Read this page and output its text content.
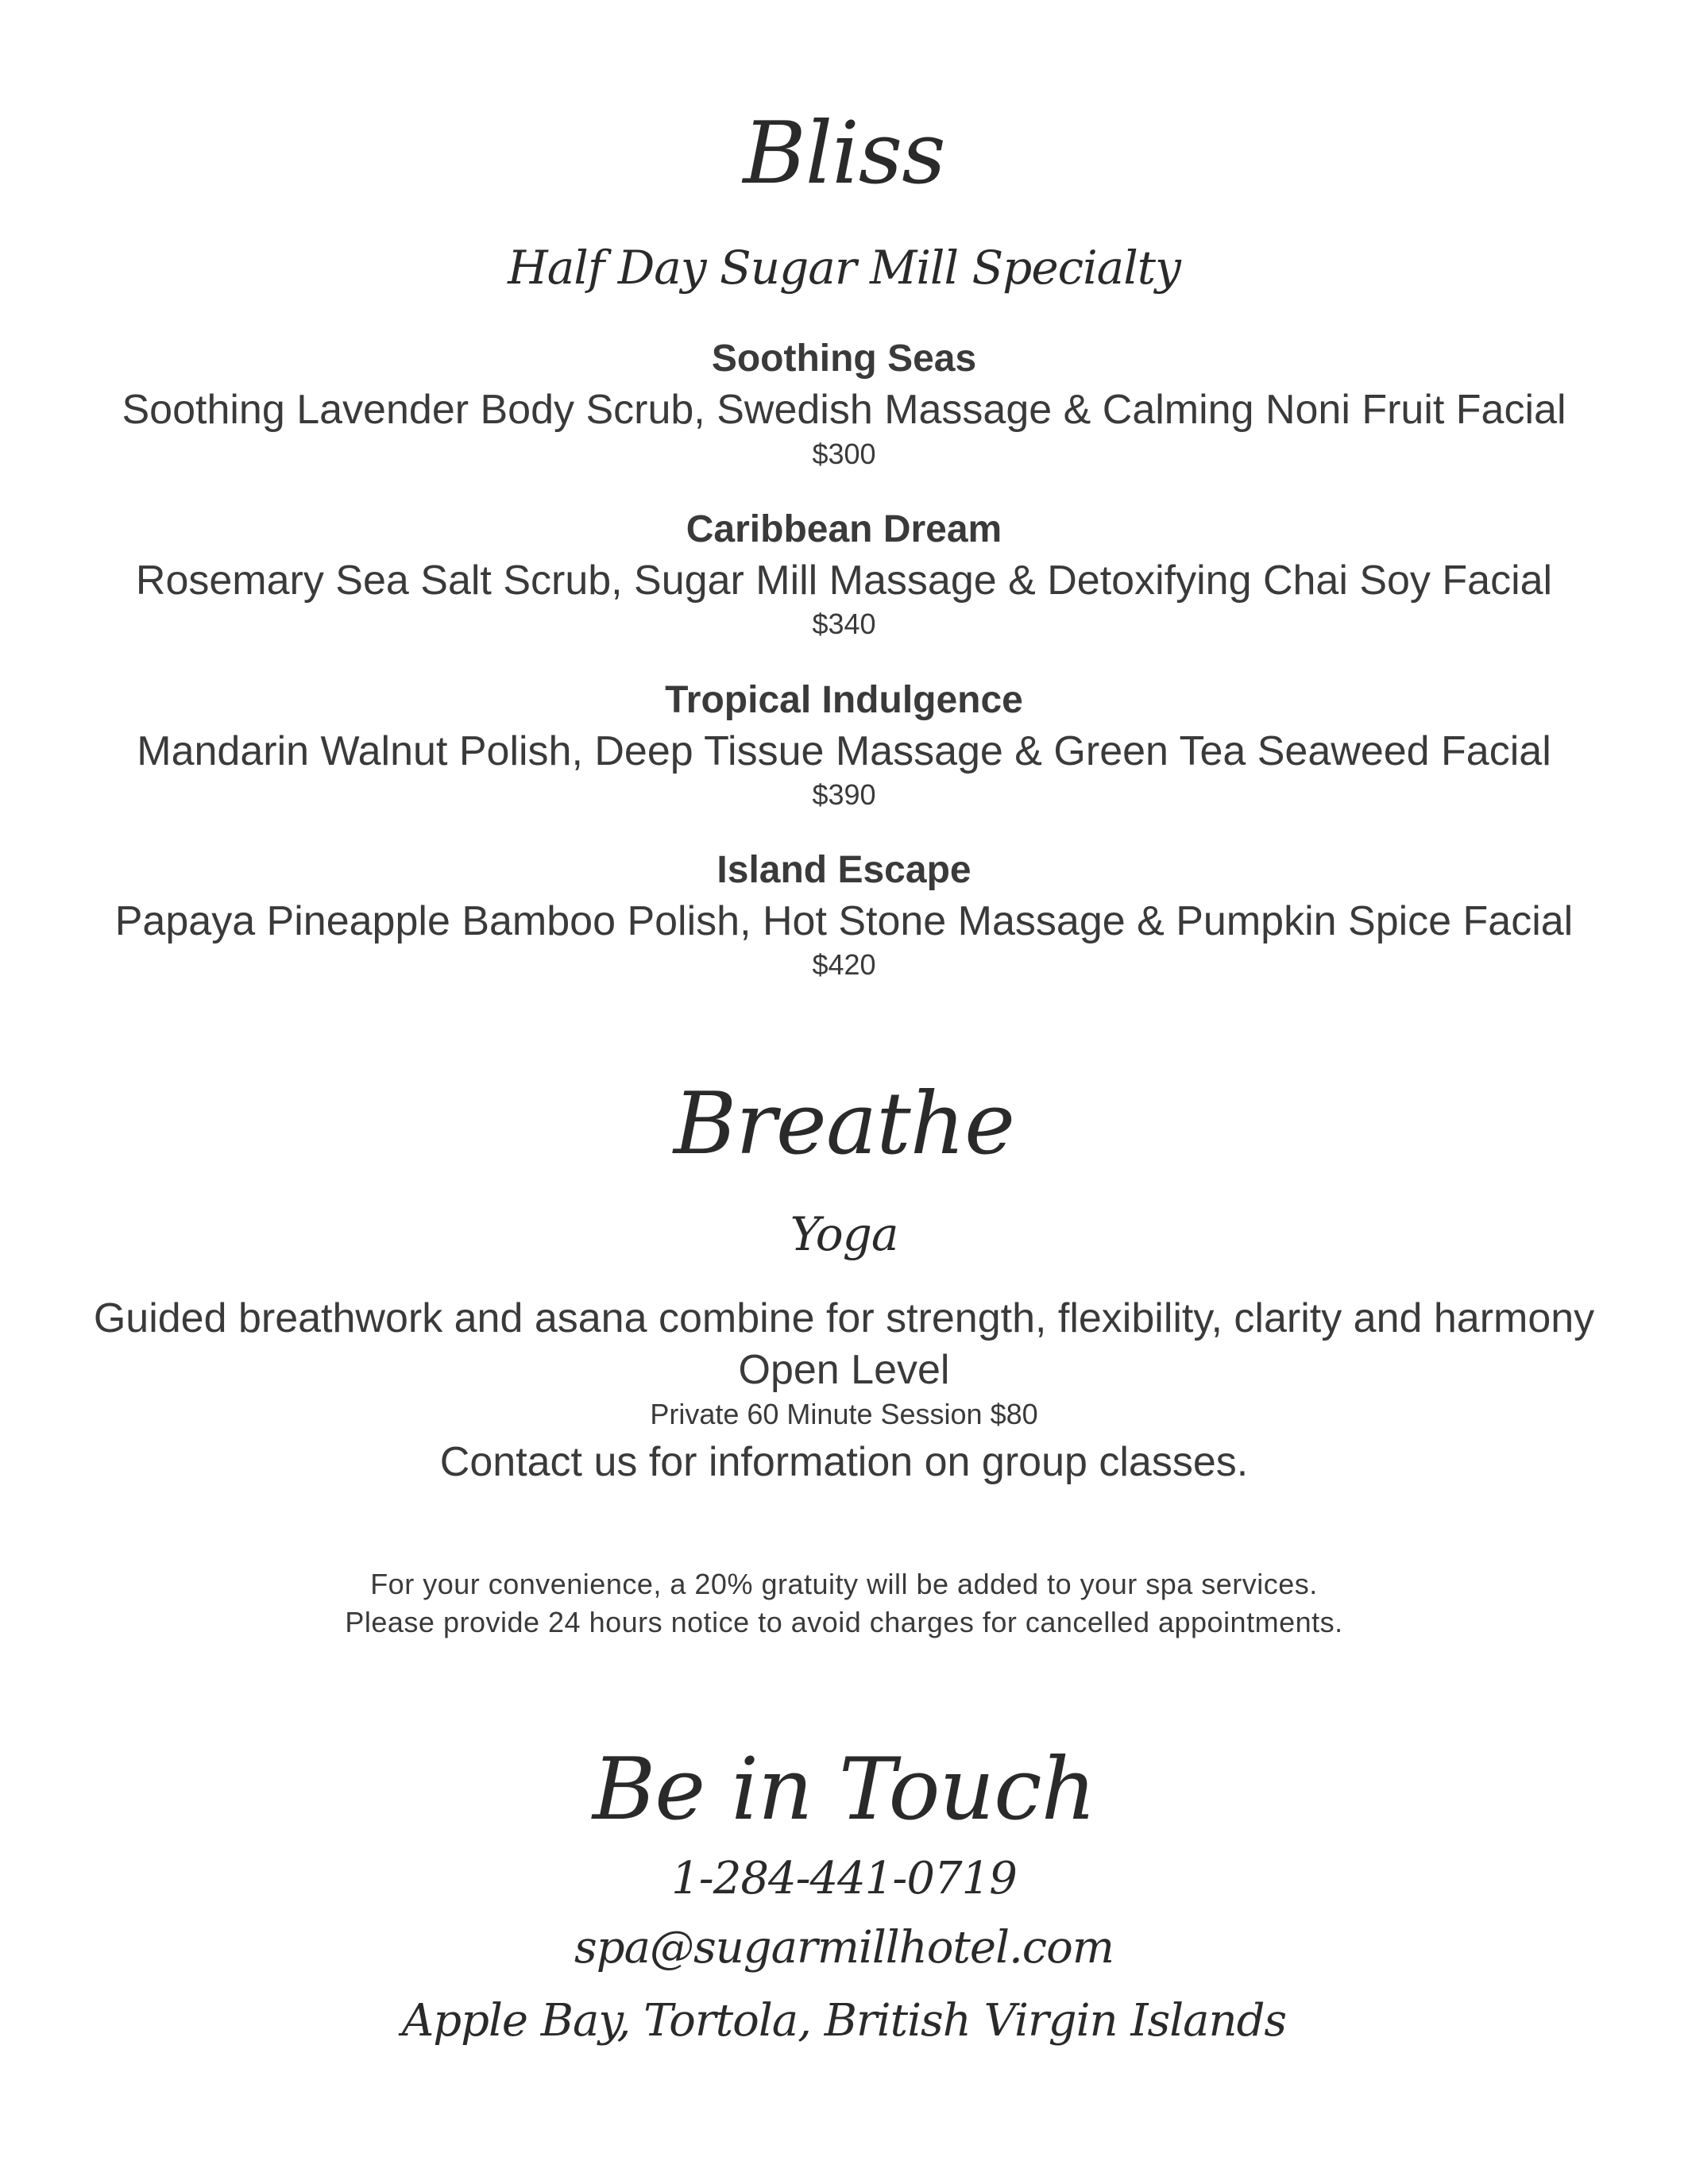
Bliss
Half Day Sugar Mill Specialty
Soothing Seas
Soothing Lavender Body Scrub, Swedish Massage & Calming Noni Fruit Facial
$300
Caribbean Dream
Rosemary Sea Salt Scrub, Sugar Mill Massage & Detoxifying Chai Soy Facial
$340
Tropical Indulgence
Mandarin Walnut Polish, Deep Tissue Massage & Green Tea Seaweed Facial
$390
Island Escape
Papaya Pineapple Bamboo Polish, Hot Stone Massage & Pumpkin Spice Facial
$420
Breathe
Yoga
Guided breathwork and asana combine for strength, flexibility, clarity and harmony
Open Level
Private 60 Minute Session $80
Contact us for information on group classes.
For your convenience, a 20% gratuity will be added to your spa services.
Please provide 24 hours notice to avoid charges for cancelled appointments.
Be in Touch
1-284-441-0719
spa@sugarmillhotel.com
Apple Bay, Tortola, British Virgin Islands
